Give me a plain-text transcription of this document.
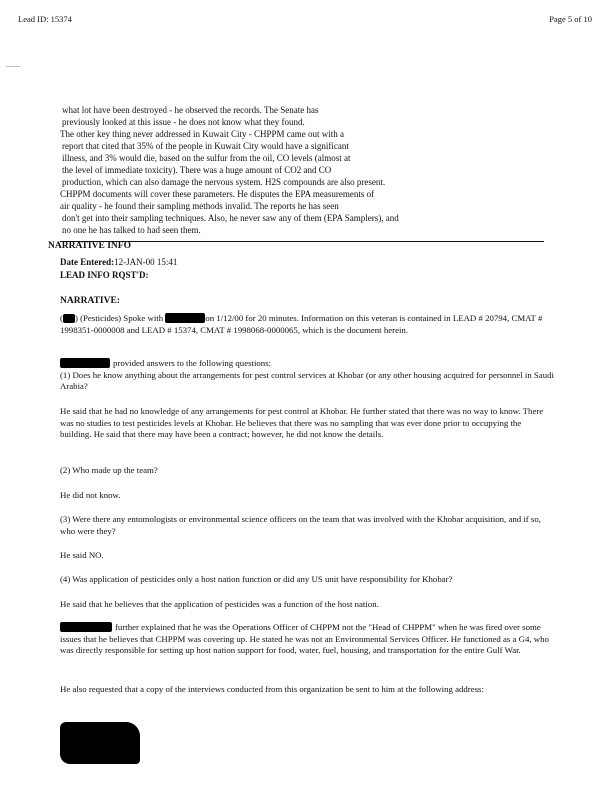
Lead ID: 15374	Page 5 of 10
what lot have been destroyed - he observed the records. The Senate has
previously looked at this issue - he does not know what they found.
The other key thing never addressed in Kuwait City - CHPPM came out with a
report that cited that 35% of the people in Kuwait City would have a significant
illness, and 3% would die, based on the sulfur from the oil, CO levels (almost at
the level of immediate toxicity). There was a huge amount of CO2 and CO
production, which can also damage the nervous system. H2S compounds are also present.
CHPPM documents will cover these parameters. He disputes the EPA measurements of
air quality - he found their sampling methods invalid. The reports he has seen
don't get into their sampling techniques. Also, he never saw any of them (EPA Samplers), and
no one he has talked to had seen them.
NARRATIVE INFO
Date Entered:12-JAN-00 15:41
LEAD INFO RQST'D:
NARRATIVE:
( ) (Pesticides) Spoke with	on 1/12/00 for 20 minutes. Information on this veteran is contained in LEAD # 20794, CMAT # 1998351-0000008 and LEAD # 15374, CMAT # 1998068-0000065, which is the document herein.
provided answers to the following questions:
(1) Does he know anything about the arrangements for pest control services at Khobar (or any other housing acquired for personnel in Saudi Arabia?
He said that he had no knowledge of any arrangements for pest control at Khobar. He further stated that there was no way to know. There was no studies to test pesticides levels at Khobar. He believes that there was no sampling that was ever done prior to occupying the building. He said that there may have been a contract; however, he did not know the details.
(2) Who made up the team?
He did not know.
(3) Were there any entomologists or environmental science officers on the team that was involved with the Khobar acquisition, and if so, who were they?
He said NO.
(4) Was application of pesticides only a host nation function or did any US unit have responsibility for Khobar?
He said that he believes that the application of pesticides was a function of the host nation.
further explained that he was the Operations Officer of CHPPM not the "Head of CHPPM" when he was fired over some issues that he believes that CHPPM was covering up. He stated he was not an Environmental Services Officer. He functioned as a G4, who was directly responsible for setting up host nation support for food, water, fuel, housing, and transportation for the entire Gulf War.
He also requested that a copy of the interviews conducted from this organization be sent to him at the following address:
